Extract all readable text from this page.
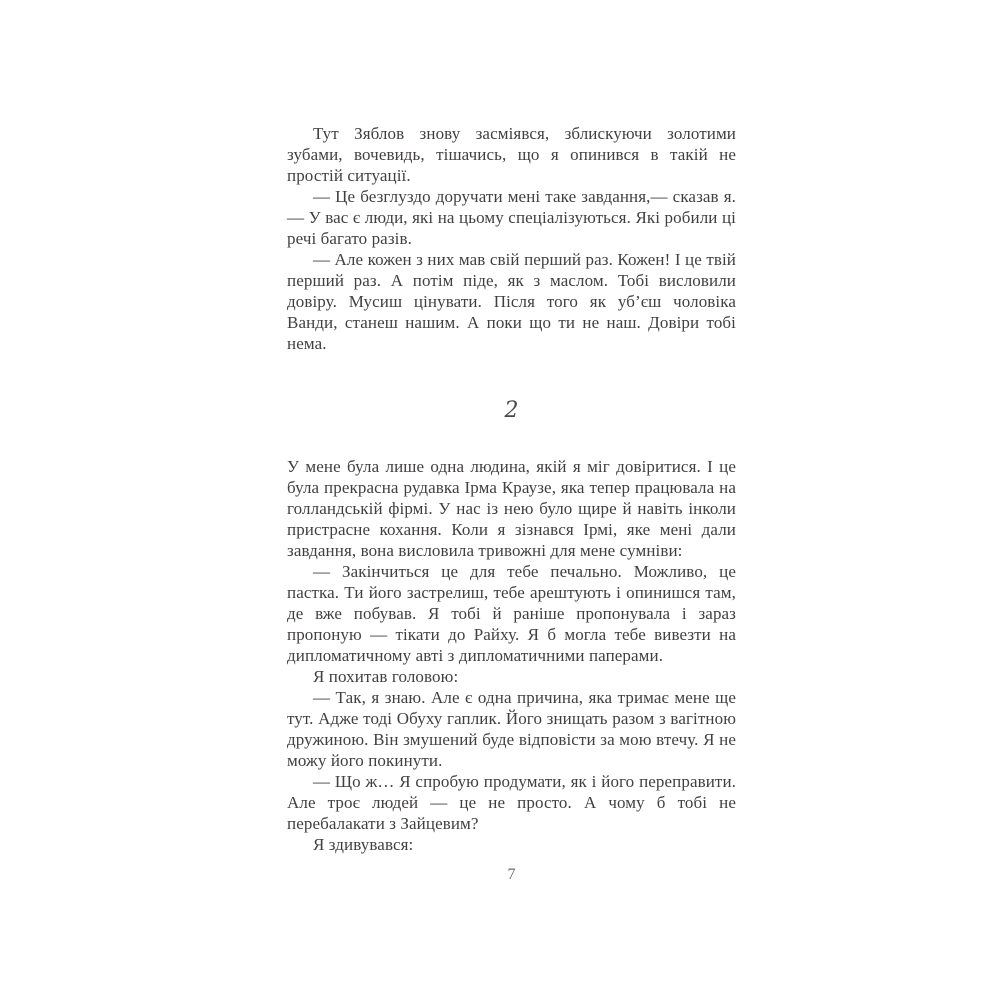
Тут Зяблов знову засміявся, зблискуючи золотими зубами, вочевидь, тішачись, що я опинився в такій не простій ситуації.

— Це безглуздо доручати мені таке завдання,— сказав я.— У вас є люди, які на цьому спеціалізуються. Які робили ці речі багато разів.

— Але кожен з них мав свій перший раз. Кожен! І це твій перший раз. А потім піде, як з маслом. Тобі висловили довіру. Мусиш цінувати. Після того як уб’єш чоловіка Ванди, станеш нашим. А поки що ти не наш. Довіри тобі нема.

2

У мене була лише одна людина, якій я міг довіритися. І це була прекрасна рудавка Ірма Краузе, яка тепер працювала на голландській фірмі. У нас із нею було щире й навіть інколи пристрасне кохання. Коли я зізнався Ірмі, яке мені дали завдання, вона висловила тривожні для мене сумніви:

— Закінчиться це для тебе печально. Можливо, це пастка. Ти його застрелиш, тебе арештують і опинишся там, де вже побував. Я тобі й раніше пропонувала і зараз пропоную — тікати до Райху. Я б могла тебе вивезти на дипломатичному авті з дипломатичними паперами.

Я похитав головою:

— Так, я знаю. Але є одна причина, яка тримає мене ще тут. Адже тоді Обуху гаплик. Його знищать разом з вагітною дружиною. Він змушений буде відповісти за мою втечу. Я не можу його покинути.

— Що ж… Я спробую продумати, як і його переправити. Але троє людей — це не просто. А чому б тобі не перебалакати з Зайцевим?

Я здивувався:

7
